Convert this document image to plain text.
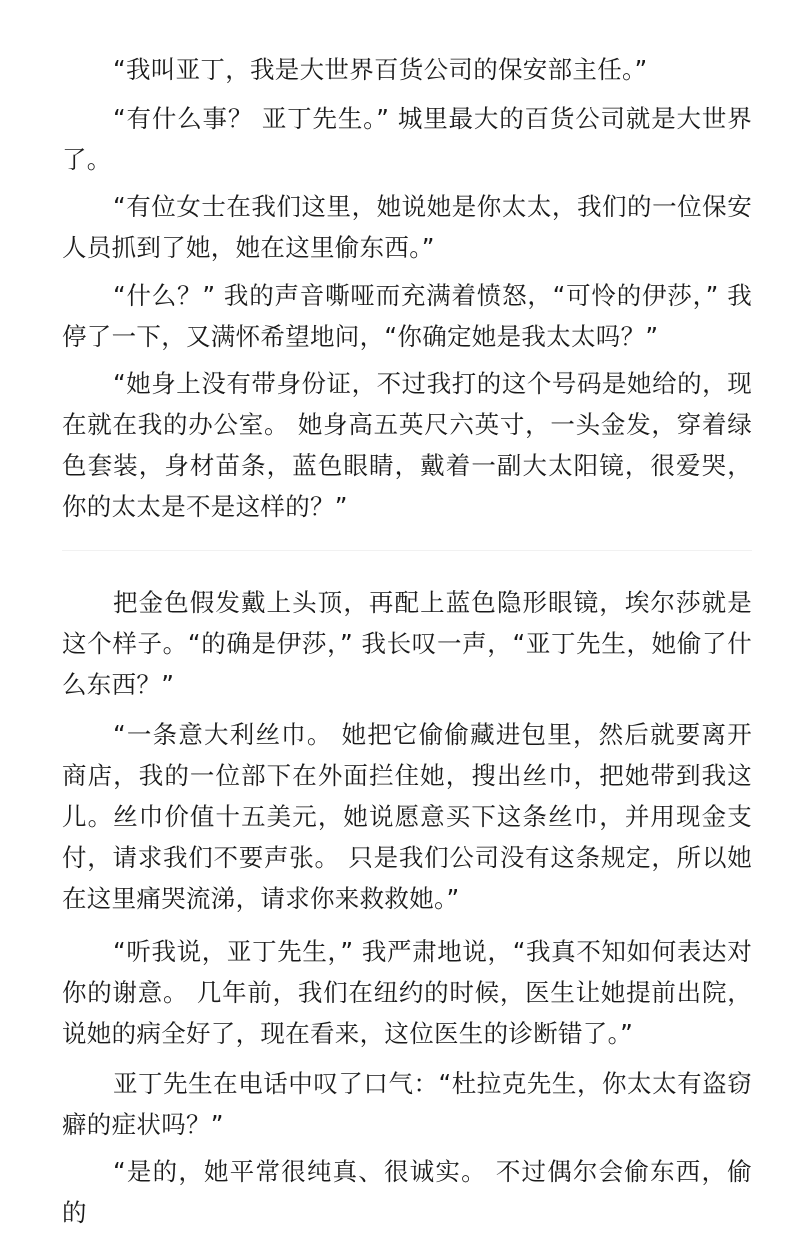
“我叫亚丁，我是大世界百货公司的保安部主任。”

“有什么事？ 亚丁先生。” 城里最大的百货公司就是大世界了。

“有位女士在我们这里，她说她是你太太，我们的一位保安人员抓到了她，她在这里偷东西。”

“什么？” 我的声音嘶哑而充满着愤怒，“可怜的伊莎，” 我停了一下，又满怀希望地问，“你确定她是我太太吗？”

“她身上没有带身份证，不过我打的这个号码是她给的，现在就在我的办公室。 她身高五英尺六英寸，一头金发，穿着绿色套装，身材苗条，蓝色眼睛，戴着一副大太阳镜，很爱哭，你的太太是不是这样的？”

把金色假发戴上头顶，再配上蓝色隐形眼镜，埃尔莎就是这个样子。“的确是伊莎，” 我长叹一声，“亚丁先生，她偷了什么东西？”

“一条意大利丝巾。 她把它偷偷藏进包里，然后就要离开商店，我的一位部下在外面拦住她，搜出丝巾，把她带到我这儿。丝巾价值十五美元，她说愿意买下这条丝巾，并用现金支付，请求我们不要声张。 只是我们公司没有这条规定，所以她在这里痛哭流涕，请求你来救救她。”

“听我说，亚丁先生，” 我严肃地说，“我真不知如何表达对你的谢意。 几年前，我们在纽约的时候，医生让她提前出院，说她的病全好了，现在看来，这位医生的诊断错了。”

亚丁先生在电话中叹了口气：“杜拉克先生，你太太有盗窃癖的症状吗？”

“是的，她平常很纯真、很诚实。 不过偶尔会偷东西，偷的
